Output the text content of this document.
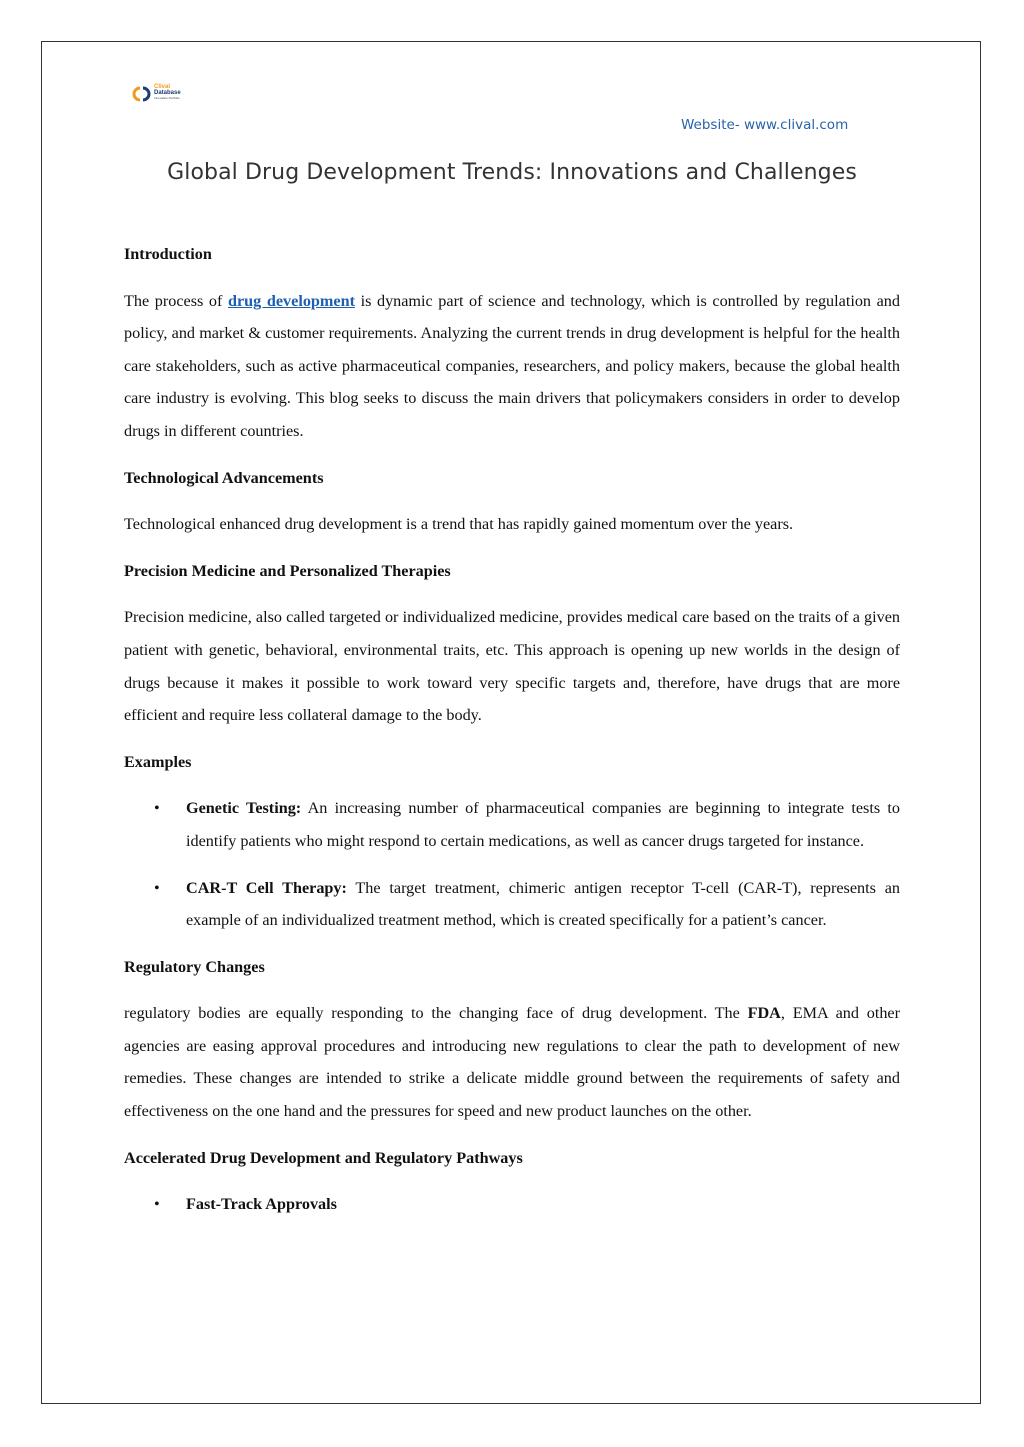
Clival
Database
Innovation Portfolio
Website- www.clival.com
Global Drug Development Trends: Innovations and Challenges
Introduction

The process of drug development is dynamic part of science and technology, which is controlled by regulation and policy, and market & customer requirements. Analyzing the current trends in drug development is helpful for the health care stakeholders, such as active pharmaceutical companies, researchers, and policy makers, because the global health care industry is evolving. This blog seeks to discuss the main drivers that policymakers considers in order to develop drugs in different countries.

Technological Advancements

Technological enhanced drug development is a trend that has rapidly gained momentum over the years.

Precision Medicine and Personalized Therapies

Precision medicine, also called targeted or individualized medicine, provides medical care based on the traits of a given patient with genetic, behavioral, environmental traits, etc. This approach is opening up new worlds in the design of drugs because it makes it possible to work toward very specific targets and, therefore, have drugs that are more efficient and require less collateral damage to the body.

Examples
• Genetic Testing: An increasing number of pharmaceutical companies are beginning to integrate tests to identify patients who might respond to certain medications, as well as cancer drugs targeted for instance.
• CAR-T Cell Therapy: The target treatment, chimeric antigen receptor T-cell (CAR-T), represents an example of an individualized treatment method, which is created specifically for a patient’s cancer.
Regulatory Changes

regulatory bodies are equally responding to the changing face of drug development. The FDA, EMA and other agencies are easing approval procedures and introducing new regulations to clear the path to development of new remedies. These changes are intended to strike a delicate middle ground between the requirements of safety and effectiveness on the one hand and the pressures for speed and new product launches on the other.

Accelerated Drug Development and Regulatory Pathways
• Fast-Track Approvals
